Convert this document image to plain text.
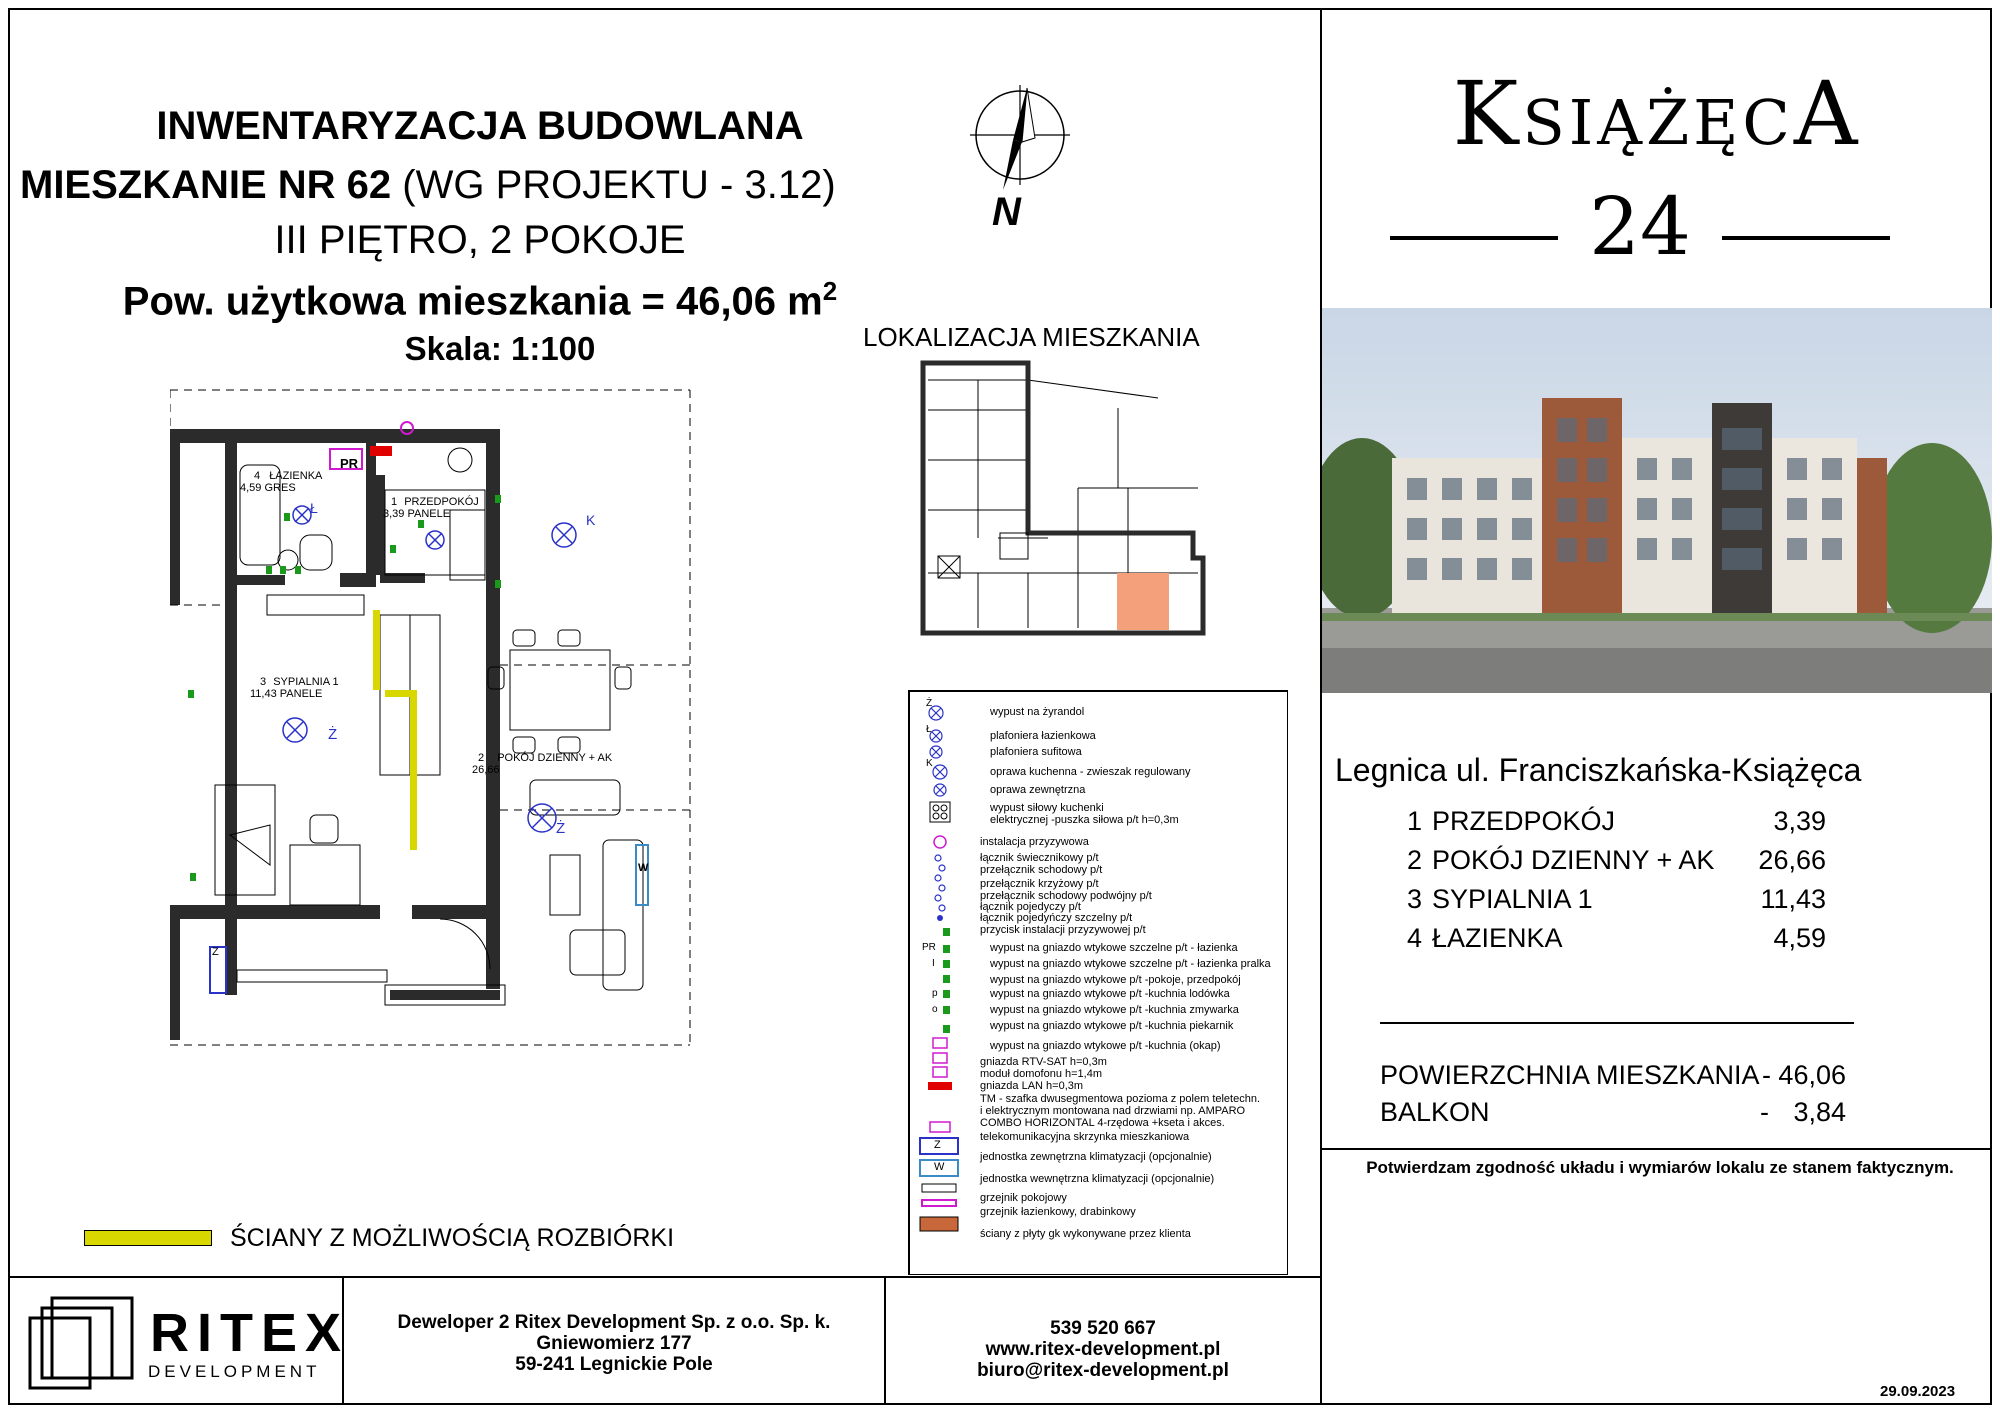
INWENTARYZACJA BUDOWLANA
MIESZKANIE NR 62 (WG PROJEKTU - 3.12)
III PIĘTRO, 2 POKOJE
Pow. użytkowa mieszkania = 46,06 $m^2$
Skala: 1:100
N
LOKALIZACJA MIESZKANIA
4 ŁAZIENKA
4,59 GRES
1 PRZEDPOKÓJ
3,39 PANELE
3 SYPIALNIA 1
11,43 PANELE
2 POKÓJ DZIENNY + AK
26,66
PR
Ł
K
Ż
Ż
Z
W
ŚCIANY Z MOŻLIWOŚCIĄ ROZBIÓRKI
Ż
Ł
K
PR
I
p
o
Z
W
wypust na żyrandol
plafoniera łazienkowa
plafoniera sufitowa
oprawa kuchenna - zwieszak regulowany
oprawa zewnętrzna
wypust siłowy kuchenki
elektrycznej -puszka siłowa p/t h=0,3m
instalacja przyzywowa
łącznik świecznikowy p/t
przełącznik schodowy p/t
przełącznik krzyżowy p/t
przełącznik schodowy podwójny p/t
łącznik pojedyczy p/t
łącznik pojedyńczy szczelny p/t
przycisk instalacji przyzywowej p/t
wypust na gniazdo wtykowe szczelne p/t - łazienka
wypust na gniazdo wtykowe szczelne p/t - łazienka pralka
wypust na gniazdo wtykowe p/t -pokoje, przedpokój
wypust na gniazdo wtykowe p/t -kuchnia lodówka
wypust na gniazdo wtykowe p/t -kuchnia zmywarka
wypust na gniazdo wtykowe p/t -kuchnia piekarnik
wypust na gniazdo wtykowe p/t -kuchnia (okap)
gniazda RTV-SAT h=0,3m
moduł domofonu h=1,4m
gniazda LAN h=0,3m
TM - szafka dwusegmentowa pozioma z polem teletechn.
i elektrycznym montowana nad drzwiami np. AMPARO
COMBO HORIZONTAL 4-rzędowa +kseta i akces.
telekomunikacyjna skrzynka mieszkaniowa
jednostka zewnętrzna klimatyzacji (opcjonalnie)
jednostka wewnętrzna klimatyzacji (opcjonalnie)
grzejnik pokojowy
grzejnik łazienkowy, drabinkowy
ściany z płyty gk wykonywane przez klienta
KsiążęcA
24
Legnica ul. Franciszkańska-Książęca
1 PRZEDPOKÓJ	3,39
2 POKÓJ DZIENNY + AK	26,66
3 SYPIALNIA 1	11,43
4 ŁAZIENKA	4,59
POWIERZCHNIA MIESZKANIA - 46,06
BALKON	- 3,84
Potwierdzam zgodność układu i wymiarów lokalu ze stanem faktycznym.
RITEX
DEVELOPMENT
Deweloper 2 Ritex Development Sp. z o.o. Sp. k.
Gniewomierz 177
59-241 Legnickie Pole
539 520 667
www.ritex-development.pl
biuro@ritex-development.pl
29.09.2023
